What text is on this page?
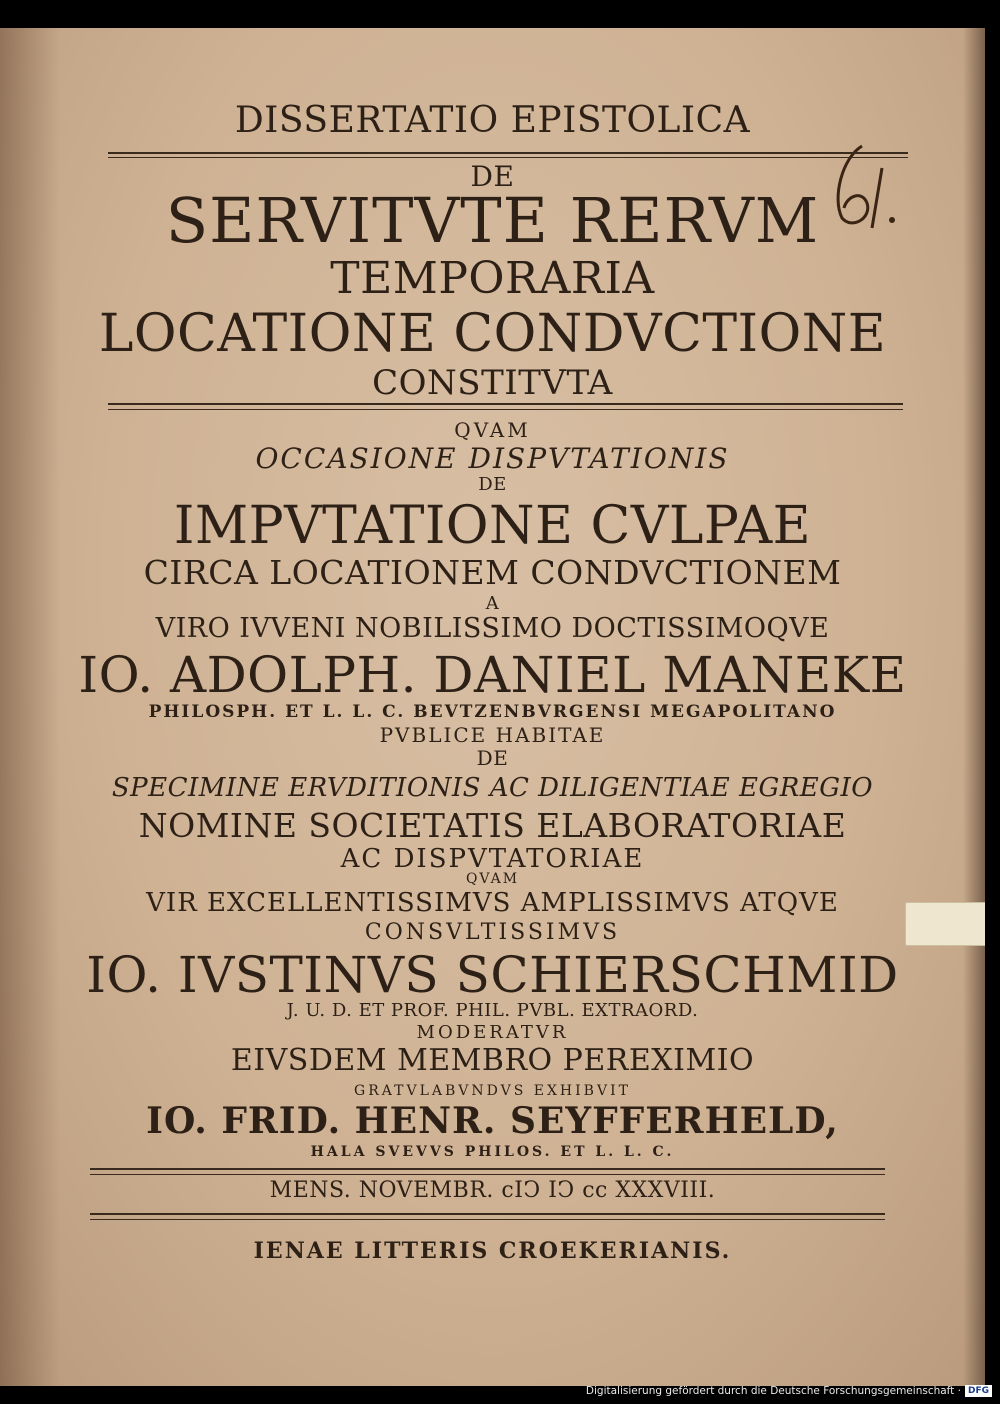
DISSERTATIO EPISTOLICA
DE
SERVITVTE RERVM
TEMPORARIA
LOCATIONE CONDVCTIONE
CONSTITVTA
QVAM
OCCASIONE DISPVTATIONIS
DE
IMPVTATIONE CVLPAE
CIRCA LOCATIONEM CONDVCTIONEM
A
VIRO IVVENI NOBILISSIMO DOCTISSIMOQVE
IO. ADOLPH. DANIEL MANEKE
PHILOSPH. ET L. L. C. BEVTZENBVRGENSI MEGAPOLITANO
PVBLICE HABITAE
DE
SPECIMINE ERVDITIONIS AC DILIGENTIAE EGREGIO
NOMINE SOCIETATIS ELABORATORIAE
AC DISPVTATORIAE
QVAM
VIR EXCELLENTISSIMVS AMPLISSIMVS ATQVE
CONSVLTISSIMVS
IO. IVSTINVS SCHIERSCHMID
J. U. D. ET PROF. PHIL. PVBL. EXTRAORD.
MODERATVR
EIVSDEM MEMBRO PEREXIMIO
GRATVLABVNDVS EXHIBVIT
IO. FRID. HENR. SEYFFERHELD,
HALA SVEVVS PHILOS. ET L. L. C.
MENS. NOVEMBR. cIↃ IↃ cc XXXVIII.
IENAE LITTERIS CROEKERIANIS.
Digitalisierung gefördert durch die Deutsche Forschungsgemeinschaft · DFG
